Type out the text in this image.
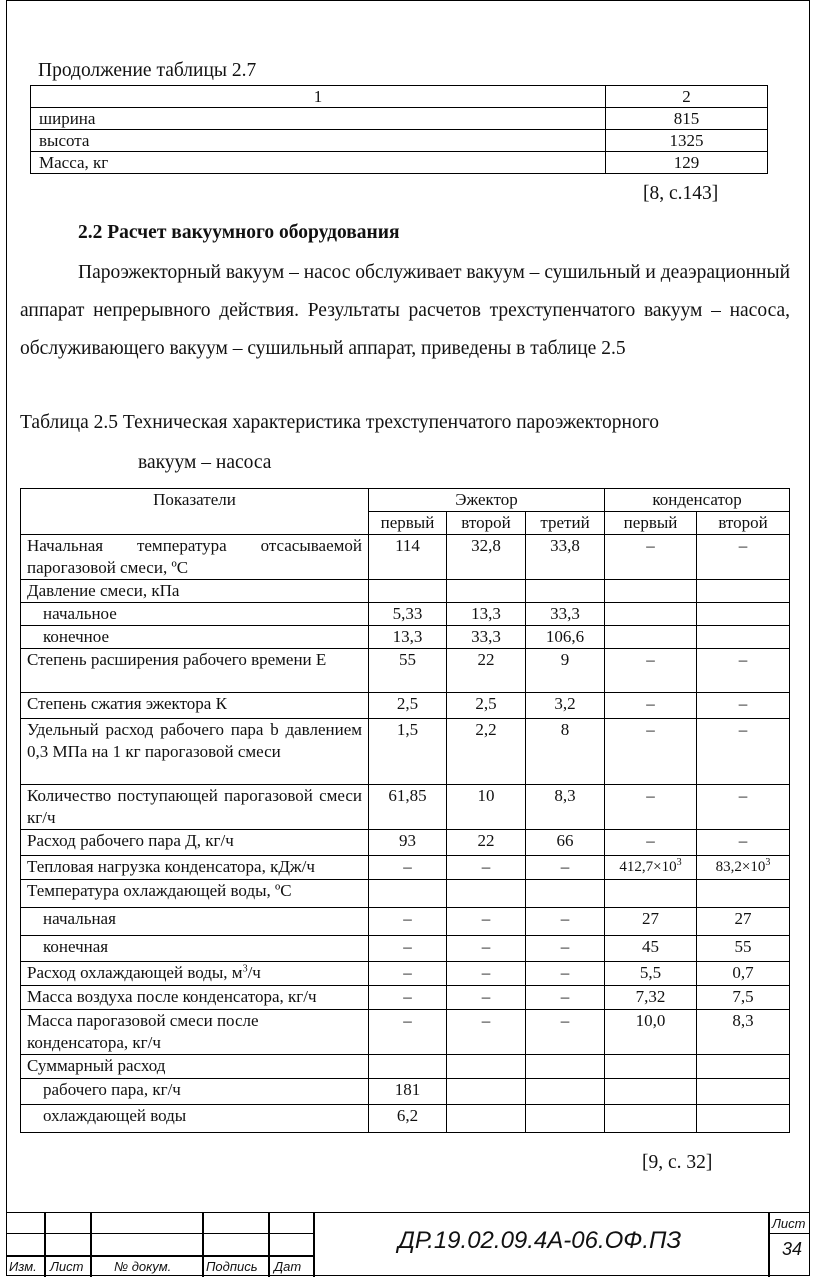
Продолжение таблицы 2.7
1	2
ширина	815
высота	1325
Масса, кг	129
[8, с.143]
2.2 Расчет вакуумного оборудования
Пароэжекторный вакуум – насос обслуживает вакуум – сушильный и деаэрационный аппарат непрерывного действия. Результаты расчетов трехступенчатого вакуум – насоса, обслуживающего вакуум – сушильный аппарат, приведены в таблице 2.5
Таблица 2.5 Техническая характеристика трехступенчатого пароэжекторного
вакуум – насоса
Показатели	Эжектор			конденсатор	
	первый	второй	третий	первый	второй
Начальная температура отсасываемой парогазовой смеси, ºС	114	32,8	33,8	–	–
Давление смеси, кПа					
начальное	5,33	13,3	33,3		
конечное	13,3	33,3	106,6		
Степень расширения рабочего времени Е	55	22	9	–	–
Степень сжатия эжектора К	2,5	2,5	3,2	–	–
Удельный расход рабочего пара b давлением 0,3 МПа на 1 кг парогазовой смеси	1,5	2,2	8	–	–
Количество поступающей парогазовой смеси кг/ч	61,85	10	8,3	–	–
Расход рабочего пара Д, кг/ч	93	22	66	–	–
Тепловая нагрузка конденсатора, кДж/ч	–	–	–	$412,7\times 10^3$	$83,2\times 10^3$
Температура охлаждающей воды, ºС					
начальная	–	–	–	27	27
конечная	–	–	–	45	55
Расход охлаждающей воды, $м^3/ч$	–	–	–	5,5	0,7
Масса воздуха после конденсатора, кг/ч	–	–	–	7,32	7,5
Масса парогазовой смеси после конденсатора, кг/ч	–	–	–	10,0	8,3
Суммарный расход					
рабочего пара, кг/ч	181				
охлаждающей воды	6,2				
[9, с. 32]
Изм. Лист № докум.	Подпись Дат
Лист
34
ДР.19.02.09.4А-06.ОФ.ПЗ
